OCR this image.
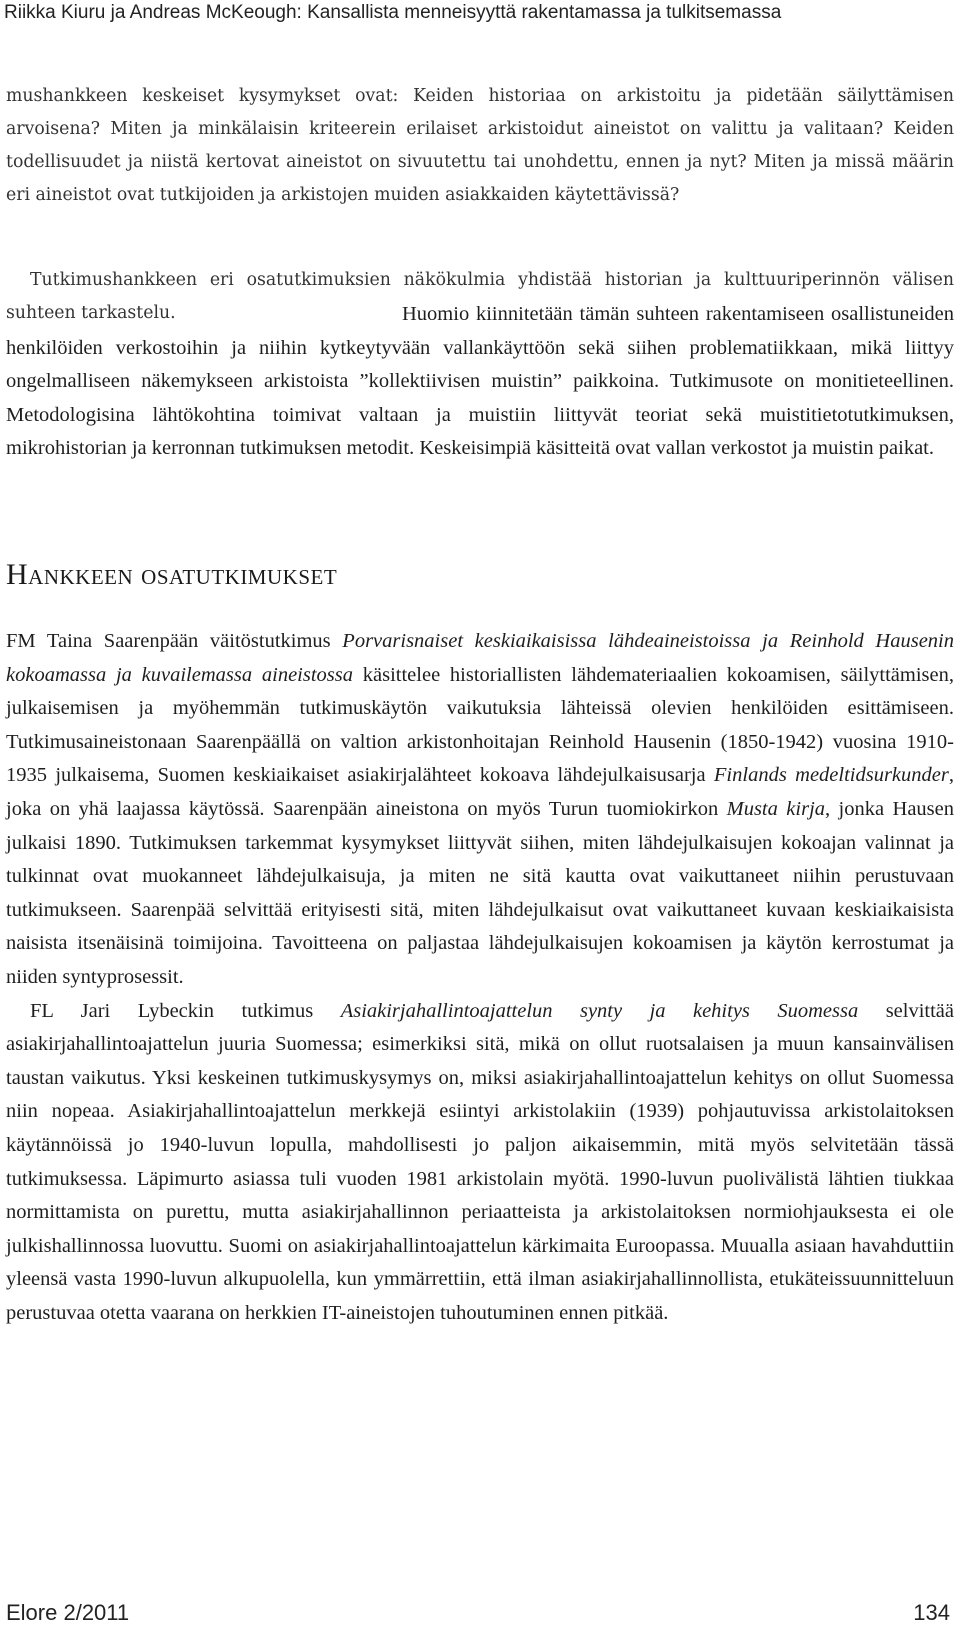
Riikka Kiuru ja Andreas McKeough: Kansallista menneisyyttä rakentamassa ja tulkitsemassa

mushankkeen keskeiset kysymykset ovat: Keiden historiaa on arkistoitu ja pidetään säilyttämisen arvoisena? Miten ja minkälaisin kriteerein erilaiset arkistoidut aineistot on valittu ja valitaan? Keiden todellisuudet ja niistä kertovat aineistot on sivuutettu tai unohdettu, ennen ja nyt? Miten ja missä määrin eri aineistot ovat tutkijoiden ja arkistojen muiden asiakkaiden käytettävissä?

Tutkimushankkeen eri osatutkimuksien näkökulmia yhdistää historian ja kulttuuriperinnön välisen suhteen tarkastelu.	Huomio kiinnitetään tämän suhteen rakentamiseen osallistuneiden henkilöiden verkostoihin ja niihin kytkeytyvään vallankäyttöön sekä siihen problematiikkaan, mikä liittyy ongelmalliseen näkemykseen arkistoista ”kollektiivisen muistin” paikkoina. Tutkimusote on monitieteellinen. Metodologisina lähtökohtina toimivat valtaan ja muistiin liittyvät teoriat sekä muistitietotutkimuksen, mikrohistorian ja kerronnan tutkimuksen metodit. Keskeisimpiä käsitteitä ovat vallan verkostot ja muistin paikat.

Hankkeen osatutkimukset

FM Taina Saarenpään väitöstutkimus Porvarisnaiset keskiaikaisissa lähdeaineistoissa ja Reinhold Hausenin kokoamassa ja kuvailemassa aineistossa käsittelee historiallisten lähdemateriaalien kokoamisen, säilyttämisen, julkaisemisen ja myöhemmän tutkimuskäytön vaikutuksia lähteissä olevien henkilöiden esittämiseen. Tutkimusaineistonaan Saarenpäällä on valtion arkistonhoitajan Reinhold Hausenin (1850-1942) vuosina 1910-1935 julkaisema, Suomen keskiaikaiset asiakirjalähteet kokoava lähdejulkaisusarja Finlands medeltidsurkunder, joka on yhä laajassa käytössä. Saarenpään aineistona on myös Turun tuomiokirkon Musta kirja, jonka Hausen julkaisi 1890. Tutkimuksen tarkemmat kysymykset liittyvät siihen, miten lähdejulkaisujen kokoajan valinnat ja tulkinnat ovat muokanneet lähdejulkaisuja, ja miten ne sitä kautta ovat vaikuttaneet niihin perustuvaan tutkimukseen. Saarenpää selvittää erityisesti sitä, miten lähdejulkaisut ovat vaikuttaneet kuvaan keskiaikaisista naisista itsenäisinä toimijoina. Tavoitteena on paljastaa lähdejulkaisujen kokoamisen ja käytön kerrostumat ja niiden syntyprosessit.

FL Jari Lybeckin tutkimus Asiakirjahallintoajattelun synty ja kehitys Suomessa selvittää asiakirjahallintoajattelun juuria Suomessa; esimerkiksi sitä, mikä on ollut ruotsalaisen ja muun kansainvälisen taustan vaikutus. Yksi keskeinen tutkimuskysymys on, miksi asiakirjahallintoajattelun kehitys on ollut Suomessa niin nopeaa. Asiakirjahallintoajattelun merkkejä esiintyi arkistolakiin (1939) pohjautuvissa arkistolaitoksen käytännöissä jo 1940-luvun lopulla, mahdollisesti jo paljon aikaisemmin, mitä myös selvitetään tässä tutkimuksessa. Läpimurto asiassa tuli vuoden 1981 arkistolain myötä. 1990-luvun puolivälistä lähtien tiukkaa normittamista on purettu, mutta asiakirjahallinnon periaatteista ja arkistolaitoksen normiohjauksesta ei ole julkishallinnossa luovuttu. Suomi on asiakirjahallintoajattelun kärkimaita Euroopassa. Muualla asiaan havahduttiin yleensä vasta 1990-luvun alkupuolella, kun ymmärrettiin, että ilman asiakirjahallinnollista, etukäteissuunnitteluun perustuvaa otetta vaarana on herkkien IT-aineistojen tuhoutuminen ennen pitkää.

Elore 2/2011	134
